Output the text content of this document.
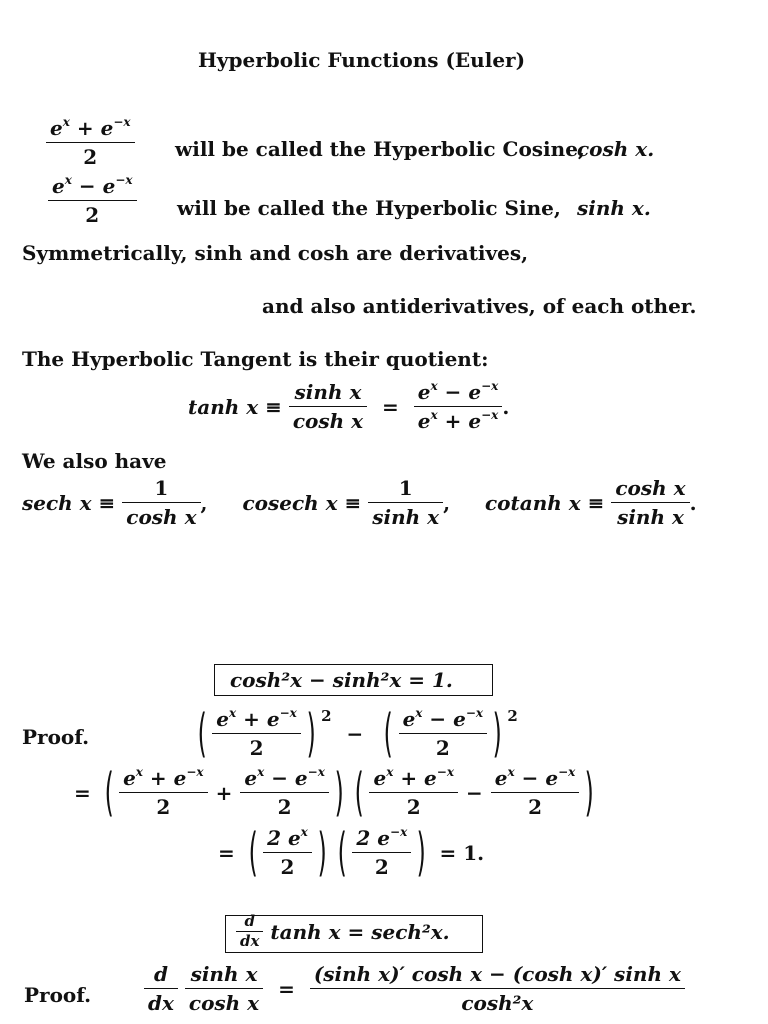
Hyperbolic Functions (Euler)
$\frac{e^x + e^{-x}}{2}$ will be called the Hyperbolic Cosine,
cosh x.
$\frac{e^x - e^{-x}}{2}$ will be called the Hyperbolic Sine, sinh x.
Symmetrically, sinh and cosh are derivatives,
and also antiderivatives, of each other.
The Hyperbolic Tangent is their quotient:
$\tanh x \equiv \frac{\text{sinh x}}{\text{cosh x}} = \frac{e^x - e^{-x}}{e^x + e^{-x}}$ .
We also have
sech $x \equiv \frac{1}{\text{cosh x}}$ , cosech $x \equiv \frac{1}{\text{sinh x}}$ , cotanh $x \equiv \frac{\text{cosh x}}{\text{sinh x}}$ .
cosh²x − sinh²x = 1.
Proof. ( $\frac{e^x + e^{-x}}{2}$ ) $^2$ − ( $\frac{e^x - e^{-x}}{2}$ ) $^2$
= ( $\frac{e^x + e^{-x}}{2} + \frac{e^x - e^{-x}}{2}$ ) ( $\frac{e^x + e^{-x}}{2} - \frac{e^x - e^{-x}}{2}$ )
= ( $\frac{2 e^x}{2}$ ) ( $\frac{2 e^{-x}}{2}$ ) = 1.
$\frac{d}{dx}$ tanh x = sech²x.
Proof.	$\frac{d}{dx}$
$\frac{\text{sinh x}}{\text{cosh x}} = \frac{\text{(sinh x)′ cosh x − (cosh x)′ sinh x}}{\text{cosh²x}}$
